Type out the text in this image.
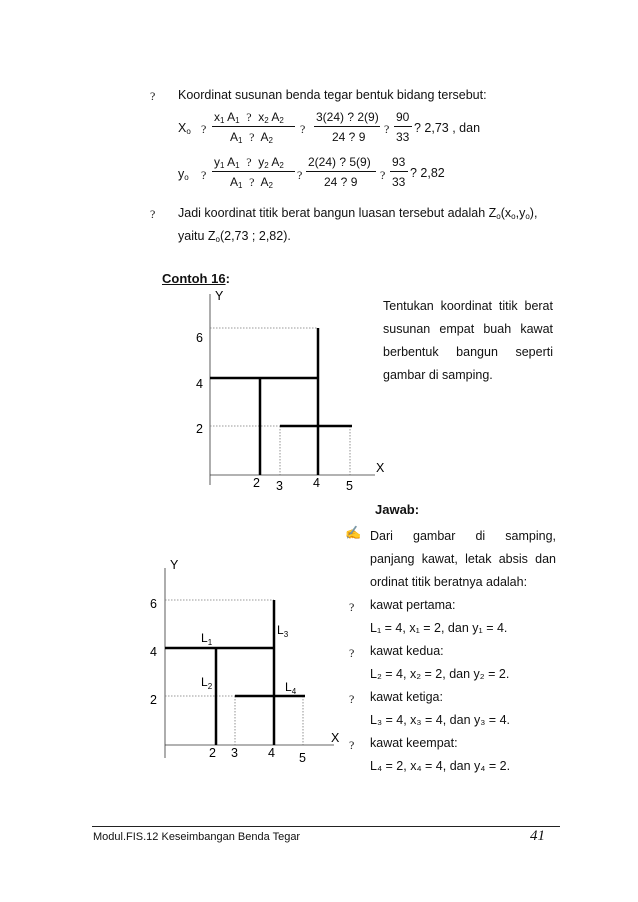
? Koordinat susunan benda tegar bentuk bidang tersebut:
$X_o$ ?
$x_1$ $A_1$ ? $x_2$ $A_2$
$A_1$ ? $A_2$
?
3(24) ? 2(9)
24 ? 9
?
90
33
? 2,73 , dan
$y_o$ ?
$y_1$ $A_1$ ? $y_2$ $A_2$
$A_1$ ? $A_2$
?
2(24) ? 5(9)
24 ? 9 ?
93
33
? 2,82
? Jadi koordinat titik berat bangun luasan tersebut adalah $Z_o(x_o,y_o)$,
yaitu $Z_o(2,73$ ; 2,82).
Contoh 16:
Tentukan koordinat titik berat
susunan empat buah kawat
berbentuk bangun seperti
gambar di samping.
Y
X
6
4
2
2 3 4 5
Jawab:
✍ Dari gambar di samping,
panjang kawat, letak absis dan
ordinat titik beratnya adalah:
? kawat pertama:
L₁ = 4, x₁ = 2, dan y₁ = 4.
? kawat kedua:
L₂ = 4, x₂ = 2, dan y₂ = 2.
? kawat ketiga:
L₃ = 4, x₃ = 4, dan y₃ = 4.
? kawat keempat:
L₄ = 2, x₄ = 4, dan y₄ = 2.
Y
X
6
4
2
2 3 4 5
$L_1$
$L_2$
$L_3$
$L_4$
Modul.FIS.12 Keseimbangan Benda Tegar	41
